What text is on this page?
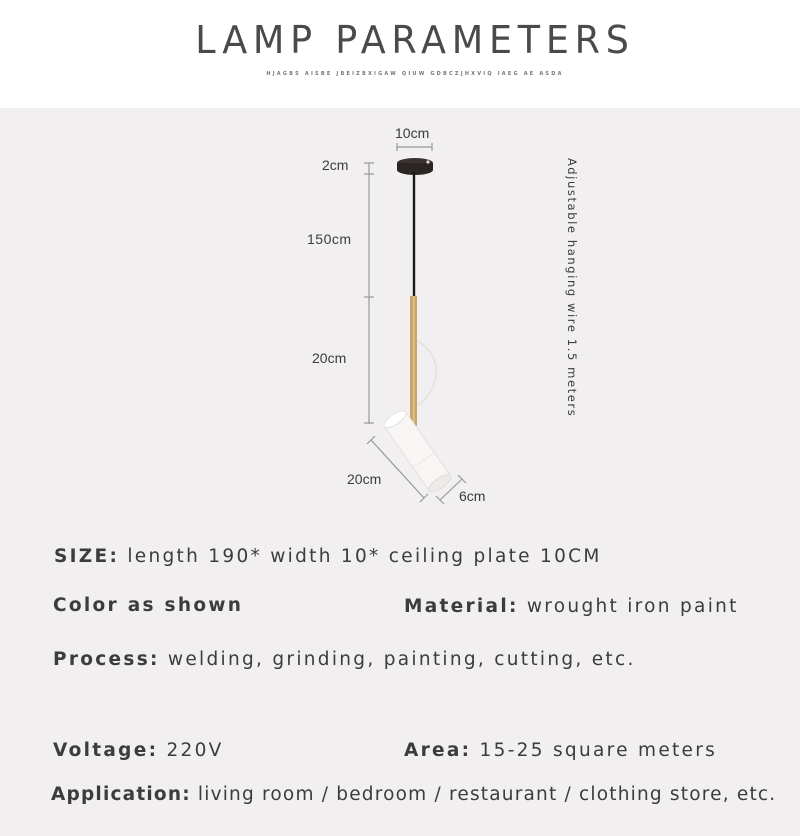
LAMP PARAMETERS
HJAGBS AISBE JBEIZBXIGAW QIUW GDBCZJHXVIQ IAEG AE ASDA
10cm
2cm
150cm
20cm
20cm
6cm
Adjustable hanging wire 1.5 meters
SIZE: length 190* width 10* ceiling plate 10CM
Color as shown	Material: wrought iron paint
Process: welding, grinding, painting, cutting, etc.
Voltage: 220V	Area: 15-25 square meters
Application: living room / bedroom / restaurant / clothing store, etc.
